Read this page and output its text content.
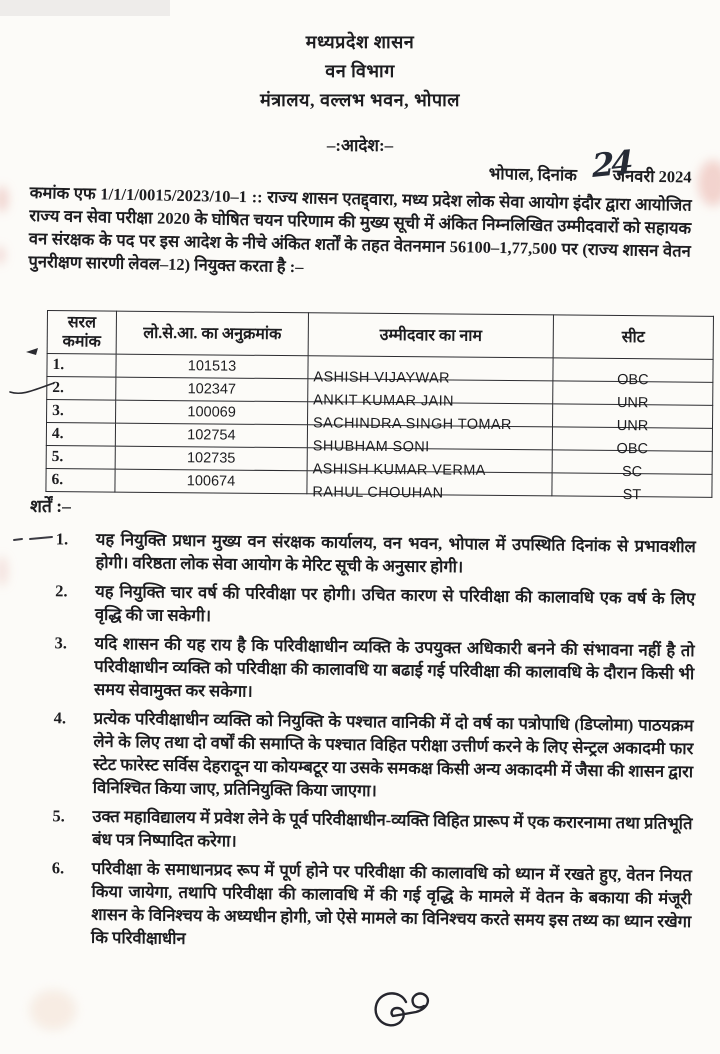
मध्यप्रदेश शासन
वन विभाग
मंत्रालय, वल्लभ भवन, भोपाल
–:आदेश:–
भोपाल, दिनांक जनवरी 2024
24
कमांक एफ 1/1/1/0015/2023/10–1 :: राज्य शासन एतद्द्वारा, मध्य प्रदेश लोक सेवा आयोग इंदौर द्वारा आयोजित राज्य वन सेवा परीक्षा 2020 के घोषित चयन परिणाम की मुख्य सूची में अंकित निम्नलिखित उम्मीदवारों को सहायक वन संरक्षक के पद पर इस आदेश के नीचे अंकित शर्तों के तहत वेतनमान 56100–1,77,500 पर (राज्य शासन वेतन पुनरीक्षण सारणी लेवल–12) नियुक्त करता है :–
सरल कमांक	लो.से.आ. का अनुक्रमांक	उम्मीदवार का नाम	सीट
1.	101513	ASHISH VIJAYWAR	OBC
2.	102347	ANKIT KUMAR JAIN	UNR
3.	100069	SACHINDRA SINGH TOMAR	UNR
4.	102754	SHUBHAM SONI	OBC
5.	102735	ASHISH KUMAR VERMA	SC
6.	100674	RAHUL CHOUHAN	ST
शर्तें :–
1.	यह नियुक्ति प्रधान मुख्य वन संरक्षक कार्यालय, वन भवन, भोपाल में उपस्थिति दिनांक से प्रभावशील होगी। वरिष्ठता लोक सेवा आयोग के मेरिट सूची के अनुसार होगी।
2.	यह नियुक्ति चार वर्ष की परिवीक्षा पर होगी। उचित कारण से परिवीक्षा की कालावधि एक वर्ष के लिए वृद्धि की जा सकेगी।
3.	यदि शासन की यह राय है कि परिवीक्षाधीन व्यक्ति के उपयुक्त अधिकारी बनने की संभावना नहीं है तो परिवीक्षाधीन व्यक्ति को परिवीक्षा की कालावधि या बढाई गई परिवीक्षा की कालावधि के दौरान किसी भी समय सेवामुक्त कर सकेगा।
4.	प्रत्येक परिवीक्षाधीन व्यक्ति को नियुक्ति के पश्चात वानिकी में दो वर्ष का पत्रोपाधि (डिप्लोमा) पाठयक्रम लेने के लिए तथा दो वर्षों की समाप्ति के पश्चात विहित परीक्षा उत्तीर्ण करने के लिए सेन्ट्रल अकादमी फार स्टेट फारेस्ट सर्विस देहरादून या कोयम्बटूर या उसके समकक्ष किसी अन्य अकादमी में जैसा की शासन द्वारा विनिश्चित किया जाए, प्रतिनियुक्ति किया जाएगा।
5.	उक्त महाविद्यालय में प्रवेश लेने के पूर्व परिवीक्षाधीन-व्यक्ति विहित प्रारूप में एक करारनामा तथा प्रतिभूति बंध पत्र निष्पादित करेगा।
6.	परिवीक्षा के समाधानप्रद रूप में पूर्ण होने पर परिवीक्षा की कालावधि को ध्यान में रखते हुए, वेतन नियत किया जायेगा, तथापि परिवीक्षा की कालावधि में की गई वृद्धि के मामले में वेतन के बकाया की मंजूरी शासन के विनिश्चय के अध्यधीन होगी, जो ऐसे मामले का विनिश्चय करते समय इस तथ्य का ध्यान रखेगा कि परिवीक्षाधीन
